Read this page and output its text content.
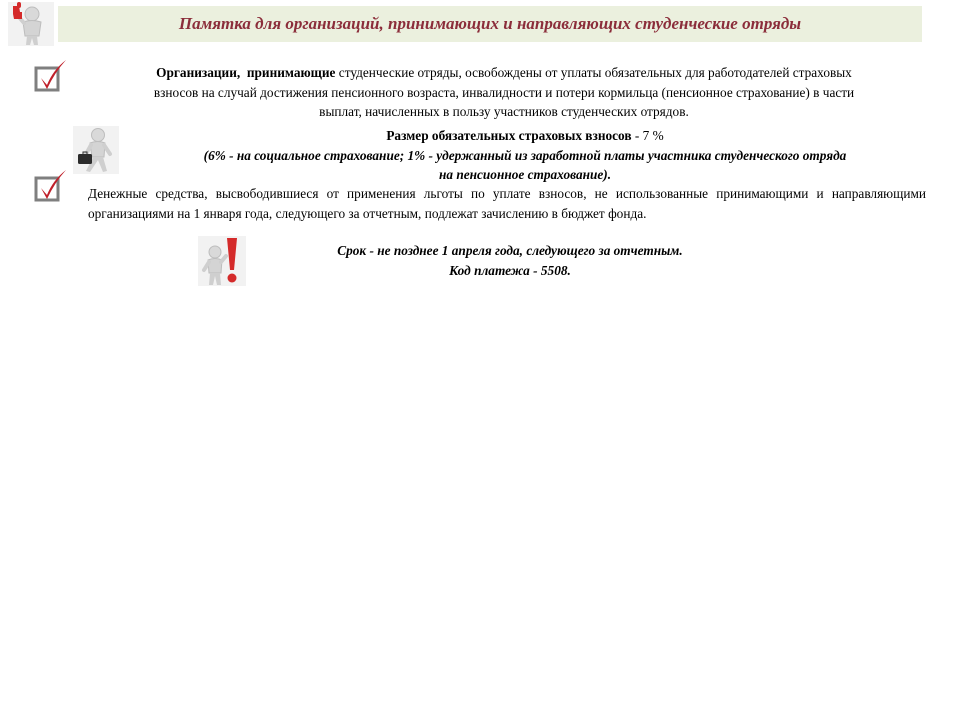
Памятка для организаций, принимающих и направляющих студенческие отряды
Организации, принимающие студенческие отряды, освобождены от уплаты обязательных для работодателей страховых
взносов на случай достижения пенсионного возраста, инвалидности и потери кормильца (пенсионное страхование) в части
выплат, начисленных в пользу участников студенческих отрядов.
Размер обязательных страховых взносов - 7 %
(6% - на социальное страхование; 1% - удержанный из заработной платы участника студенческого отряда
на пенсионное страхование).
Денежные средства, высвободившиеся от применения льготы по уплате взносов, не использованные принимающими и направляющими организациями на 1 января года, следующего за отчетным, подлежат зачислению в бюджет фонда.
Срок - не позднее 1 апреля года, следующего за отчетным.
Код платежа - 5508.
